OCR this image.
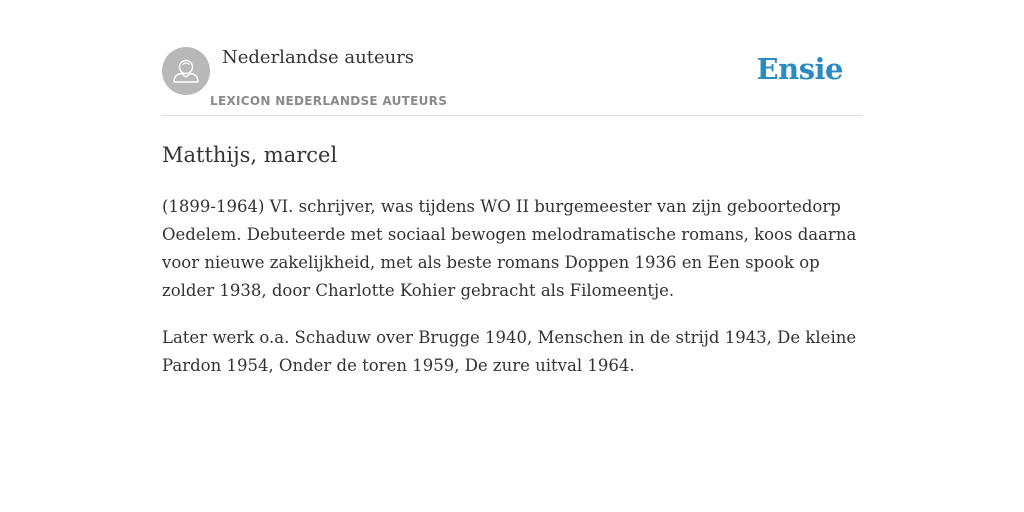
Nederlandse auteurs
LEXICON NEDERLANDSE AUTEURS
Ensie
Matthijs, marcel

(1899-1964) VI. schrijver, was tijdens WO II burgemeester van zijn geboortedorp Oedelem. Debuteerde met sociaal bewogen melodramatische romans, koos daarna voor nieuwe zakelijkheid, met als beste romans Doppen 1936 en Een spook op zolder 1938, door Charlotte Kohier gebracht als Filomeentje.

Later werk o.a. Schaduw over Brugge 1940, Menschen in de strijd 1943, De kleine Pardon 1954, Onder de toren 1959, De zure uitval 1964.
